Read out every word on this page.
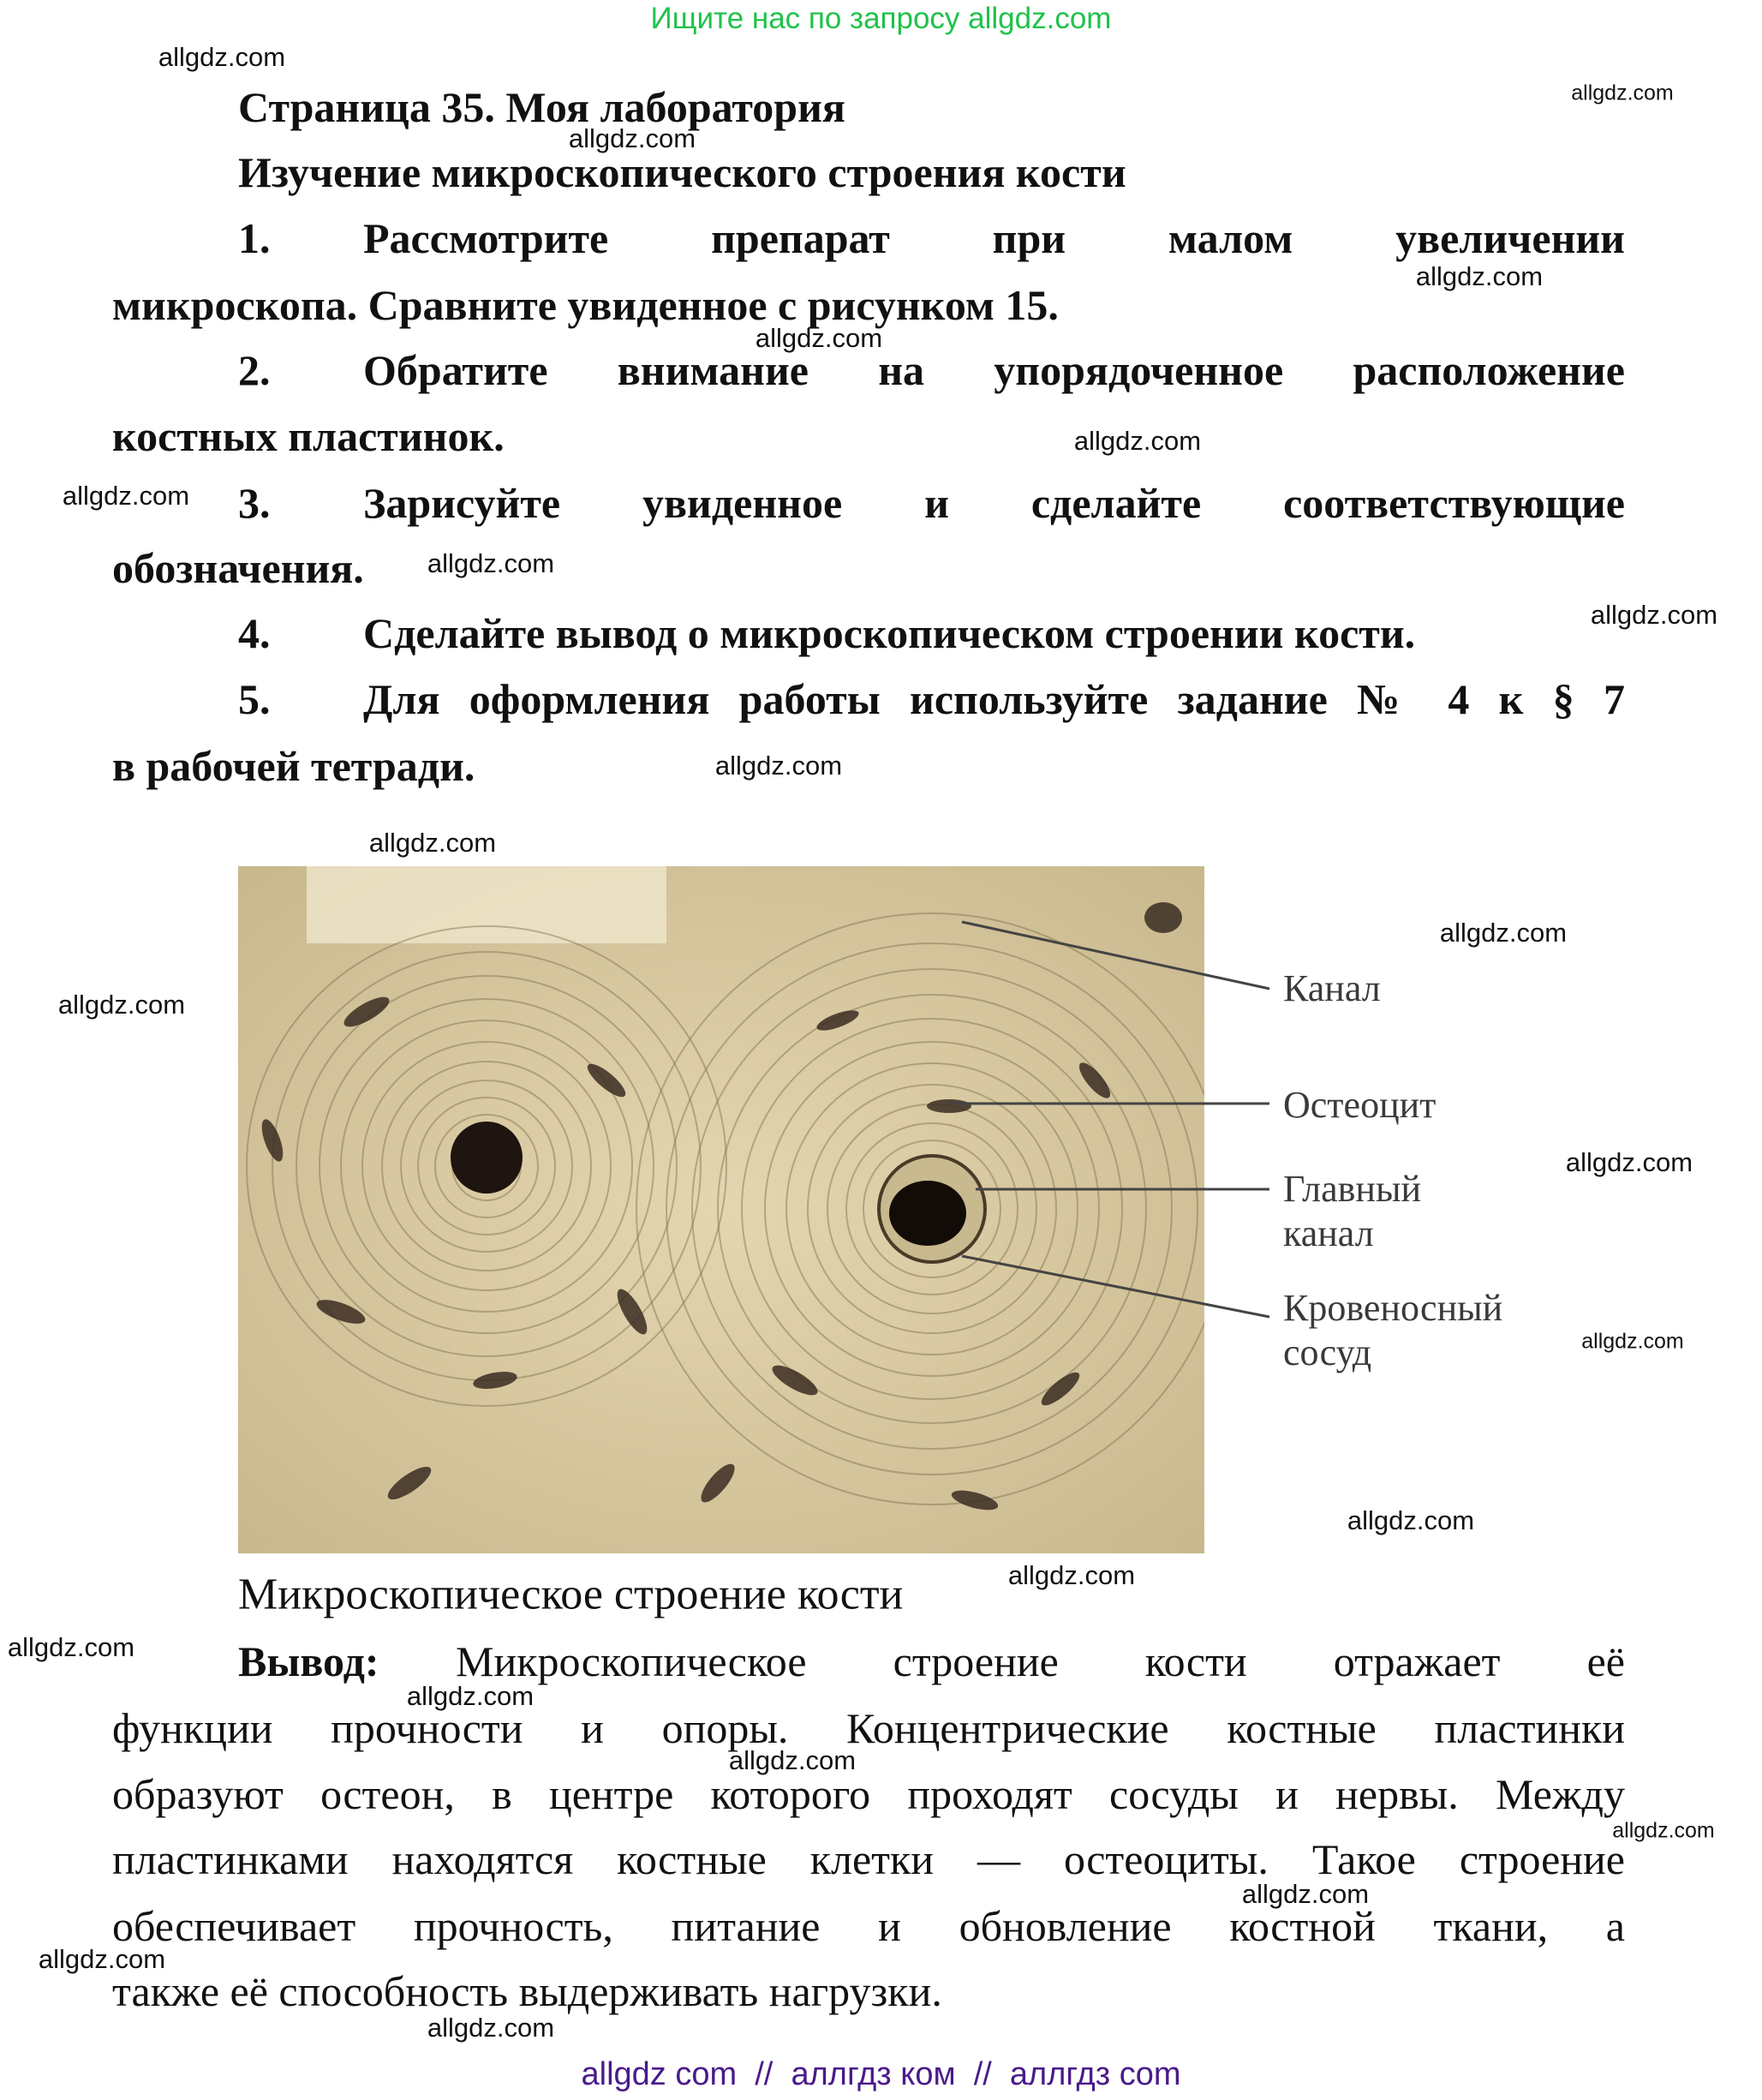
Ищите нас по запросу allgdz.com
Страница 35. Моя лаборатория
Изучение микроскопического строения кости
1. Рассмотрите препарат при малом увеличении
микроскопа. Сравните увиденное с рисунком 15.
2. Обратите внимание на упорядоченное расположение
костных пластинок.
3. Зарисуйте увиденное и сделайте соответствующие
обозначения.
4. Сделайте вывод о микроскопическом строении кости.
5. Для оформления работы используйте задание № 4 к § 7
в рабочей тетради.
Канал
Остеоцит
Главный
канал
Кровеносный
сосуд
Микроскопическое строение кости
Вывод: Микроскопическое строение кости отражает её
функции прочности и опоры. Концентрические костные пластинки
образуют остеон, в центре которого проходят сосуды и нервы. Между
пластинками находятся костные клетки — остеоциты. Такое строение
обеспечивает прочность, питание и обновление костной ткани, а
также её способность выдерживать нагрузки.
allgdz.com
allgdz.com
allgdz.com
allgdz.com
allgdz.com
allgdz.com
allgdz.com
allgdz.com
allgdz.com
allgdz.com
allgdz.com
allgdz.com
allgdz.com
allgdz.com
allgdz.com
allgdz.com
allgdz.com
allgdz.com
allgdz.com
allgdz.com
allgdz.com
allgdz.com
allgdz.com
allgdz.com
allgdz com  //  аллгдз ком  //  аллгдз com
